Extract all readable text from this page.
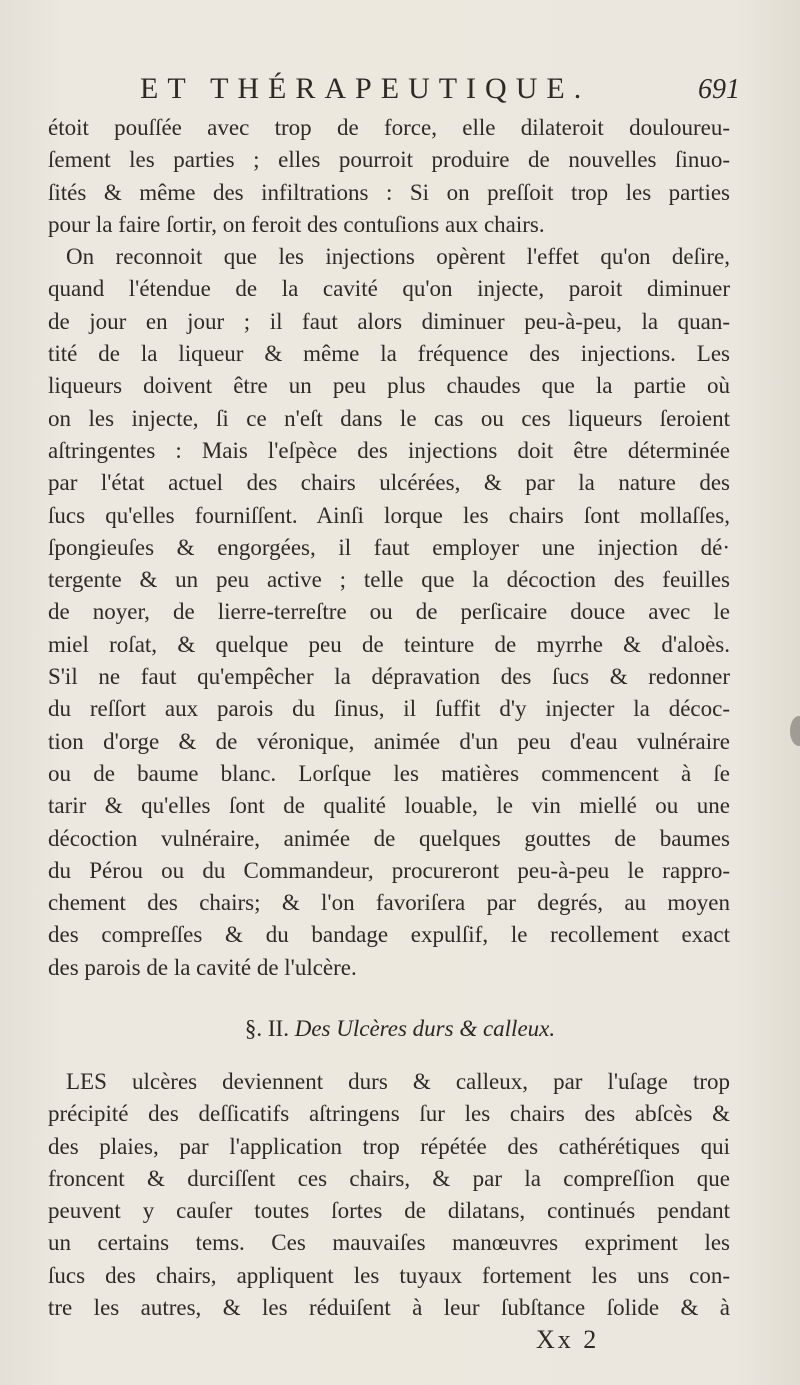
ET THÉRAPEUTIQUE.	691

étoit pouſſée avec trop de force, elle dilateroit douloureu-
ſement les parties ; elles pourroit produire de nouvelles ſinuo-
ſités & même des infiltrations : Si on preſſoit trop les parties
pour la faire ſortir, on feroit des contuſions aux chairs.

On reconnoit que les injections opèrent l'effet qu'on deſire,
quand l'étendue de la cavité qu'on injecte, paroit diminuer
de jour en jour ; il faut alors diminuer peu-à-peu, la quan-
tité de la liqueur & même la fréquence des injections. Les
liqueurs doivent être un peu plus chaudes que la partie où
on les injecte, ſi ce n'eſt dans le cas ou ces liqueurs ſeroient
aſtringentes : Mais l'eſpèce des injections doit être déterminée
par l'état actuel des chairs ulcérées, & par la nature des
ſucs qu'elles fourniſſent. Ainſi lorque les chairs ſont mollaſſes,
ſpongieuſes & engorgées, il faut employer une injection dé·
tergente & un peu active ; telle que la décoction des feuilles
de noyer, de lierre-terreſtre ou de perſicaire douce avec le
miel roſat, & quelque peu de teinture de myrrhe & d'aloès.
S'il ne faut qu'empêcher la dépravation des ſucs & redonner
du reſſort aux parois du ſinus, il ſuffit d'y injecter la décoc-
tion d'orge & de véronique, animée d'un peu d'eau vulnéraire
ou de baume blanc. Lorſque les matières commencent à ſe
tarir & qu'elles ſont de qualité louable, le vin miellé ou une
décoction vulnéraire, animée de quelques gouttes de baumes
du Pérou ou du Commandeur, procureront peu-à-peu le rappro-
chement des chairs; & l'on favoriſera par degrés, au moyen
des compreſſes & du bandage expulſif, le recollement exact
des parois de la cavité de l'ulcère.

§. II. Des Ulcères durs & calleux.
LES ulcères deviennent durs & calleux, par l'uſage trop
précipité des deſſicatifs aſtringens ſur les chairs des abſcès &
des plaies, par l'application trop répétée des cathérétiques qui
froncent & durciſſent ces chairs, & par la compreſſion que
peuvent y cauſer toutes ſortes de dilatans, continués pendant
un certains tems. Ces mauvaiſes manœuvres expriment les
ſucs des chairs, appliquent les tuyaux fortement les uns con-
tre les autres, & les réduiſent à leur ſubſtance ſolide & à
Xx 2
